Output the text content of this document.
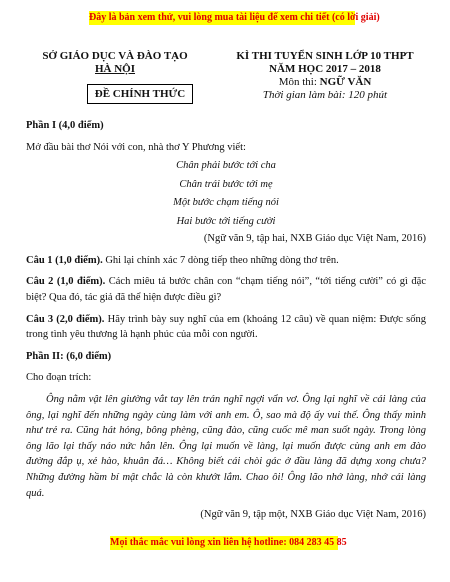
Đây là bản xem thử, vui lòng mua tài liệu để xem chi tiết (có lời giải)
SỞ GIÁO DỤC VÀ ĐÀO TẠO
HÀ NỘI
ĐỀ CHÍNH THỨC
KÌ THI TUYỂN SINH LỚP 10 THPT
NĂM HỌC 2017 – 2018
Môn thi: NGỮ VĂN
Thời gian làm bài: 120 phút

Phần I (4,0 điểm)

Mở đầu bài thơ Nói với con, nhà thơ Y Phương viết:

Chân phải bước tới cha
Chân trái bước tới mẹ
Một bước chạm tiếng nói
Hai bước tới tiếng cười

(Ngữ văn 9, tập hai, NXB Giáo dục Việt Nam, 2016)

Câu 1 (1,0 điểm). Ghi lại chính xác 7 dòng tiếp theo những dòng thơ trên.

Câu 2 (1,0 điểm). Cách miêu tả bước chân con “chạm tiếng nói”, “tới tiếng cười” có gì đặc biệt? Qua đó, tác giả đã thể hiện được điều gì?

Câu 3 (2,0 điểm). Hãy trình bày suy nghĩ của em (khoảng 12 câu) về quan niệm: Được sống trong tình yêu thương là hạnh phúc của mỗi con người.

Phần II: (6,0 điểm)

Cho đoạn trích:

Ông nằm vật lên giường vắt tay lên trán nghĩ ngợi vẩn vơ. Ông lại nghĩ về cái làng của ông, lại nghĩ đến những ngày cùng làm với anh em. Ô, sao mà độ ấy vui thế. Ông thấy mình như trẻ ra. Cũng hát hỏng, bông phèng, cũng đào, cũng cuốc mê man suốt ngày. Trong lòng ông lão lại thấy náo nức hẳn lên. Ông lại muốn về làng, lại muốn được cùng anh em đào đường đắp ụ, xẻ hào, khuân đá… Không biết cái chòi gác ở đầu làng đã dựng xong chưa? Những đường hầm bí mật chắc là còn khướt lắm. Chao ôi! Ông lão nhớ làng, nhớ cái làng quá.

(Ngữ văn 9, tập một, NXB Giáo dục Việt Nam, 2016)

Mọi thắc mắc vui lòng xin liên hệ hotline: 084 283 45 85
